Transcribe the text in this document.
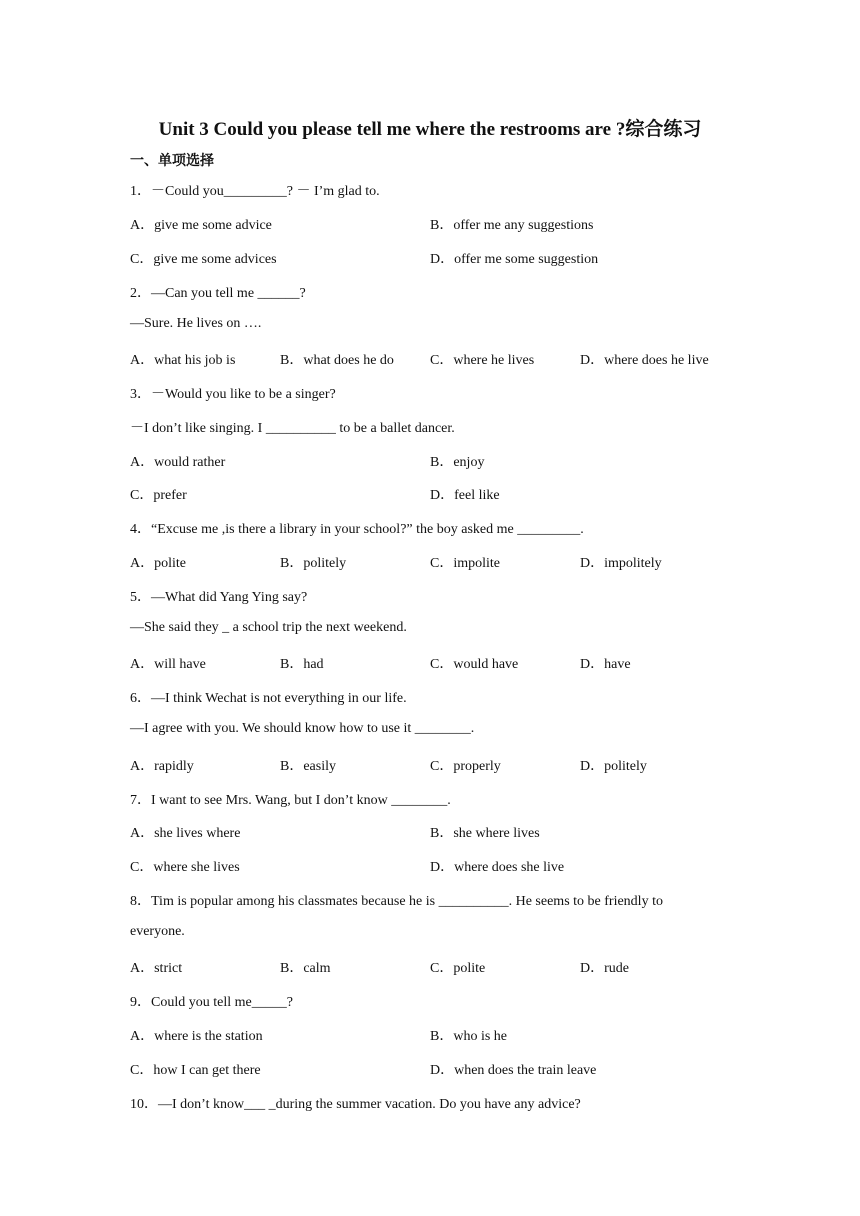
Unit 3 Could you please tell me where the restrooms are ?综合练习
一、单项选择
1．－Could you_________? － I’m glad to.
A．give me some advice	B．offer me any suggestions
C．give me some advices	D．offer me some suggestion
2．—Can you tell me ______?
—Sure. He lives on ….
A．what his job is	B．what does he do	C．where he lives	D．where does he live
3．－Would you like to be a singer?
－I don’t like singing. I __________ to be a ballet dancer.
A．would rather	B．enjoy
C．prefer	D．feel like
4．“Excuse me ,is there a library in your school?” the boy asked me _________.
A．polite	B．politely	C．impolite	D．impolitely
5．—What did Yang Ying say?
—She said they _ a school trip the next weekend.
A．will have	B．had	C．would have	D．have
6．—I think Wechat is not everything in our life.
—I agree with you. We should know how to use it ________.
A．rapidly	B．easily	C．properly	D．politely
7．I want to see Mrs. Wang, but I don’t know ________.
A．she lives where	B．she where lives
C．where she lives	D．where does she live
8．Tim is popular among his classmates because he is __________. He seems to be friendly to
everyone.
A．strict	B．calm	C．polite	D．rude
9．Could you tell me_____?
A．where is the station	B．who is he
C．how I can get there	D．when does the train leave
10．—I don’t know___ _during the summer vacation. Do you have any advice?
